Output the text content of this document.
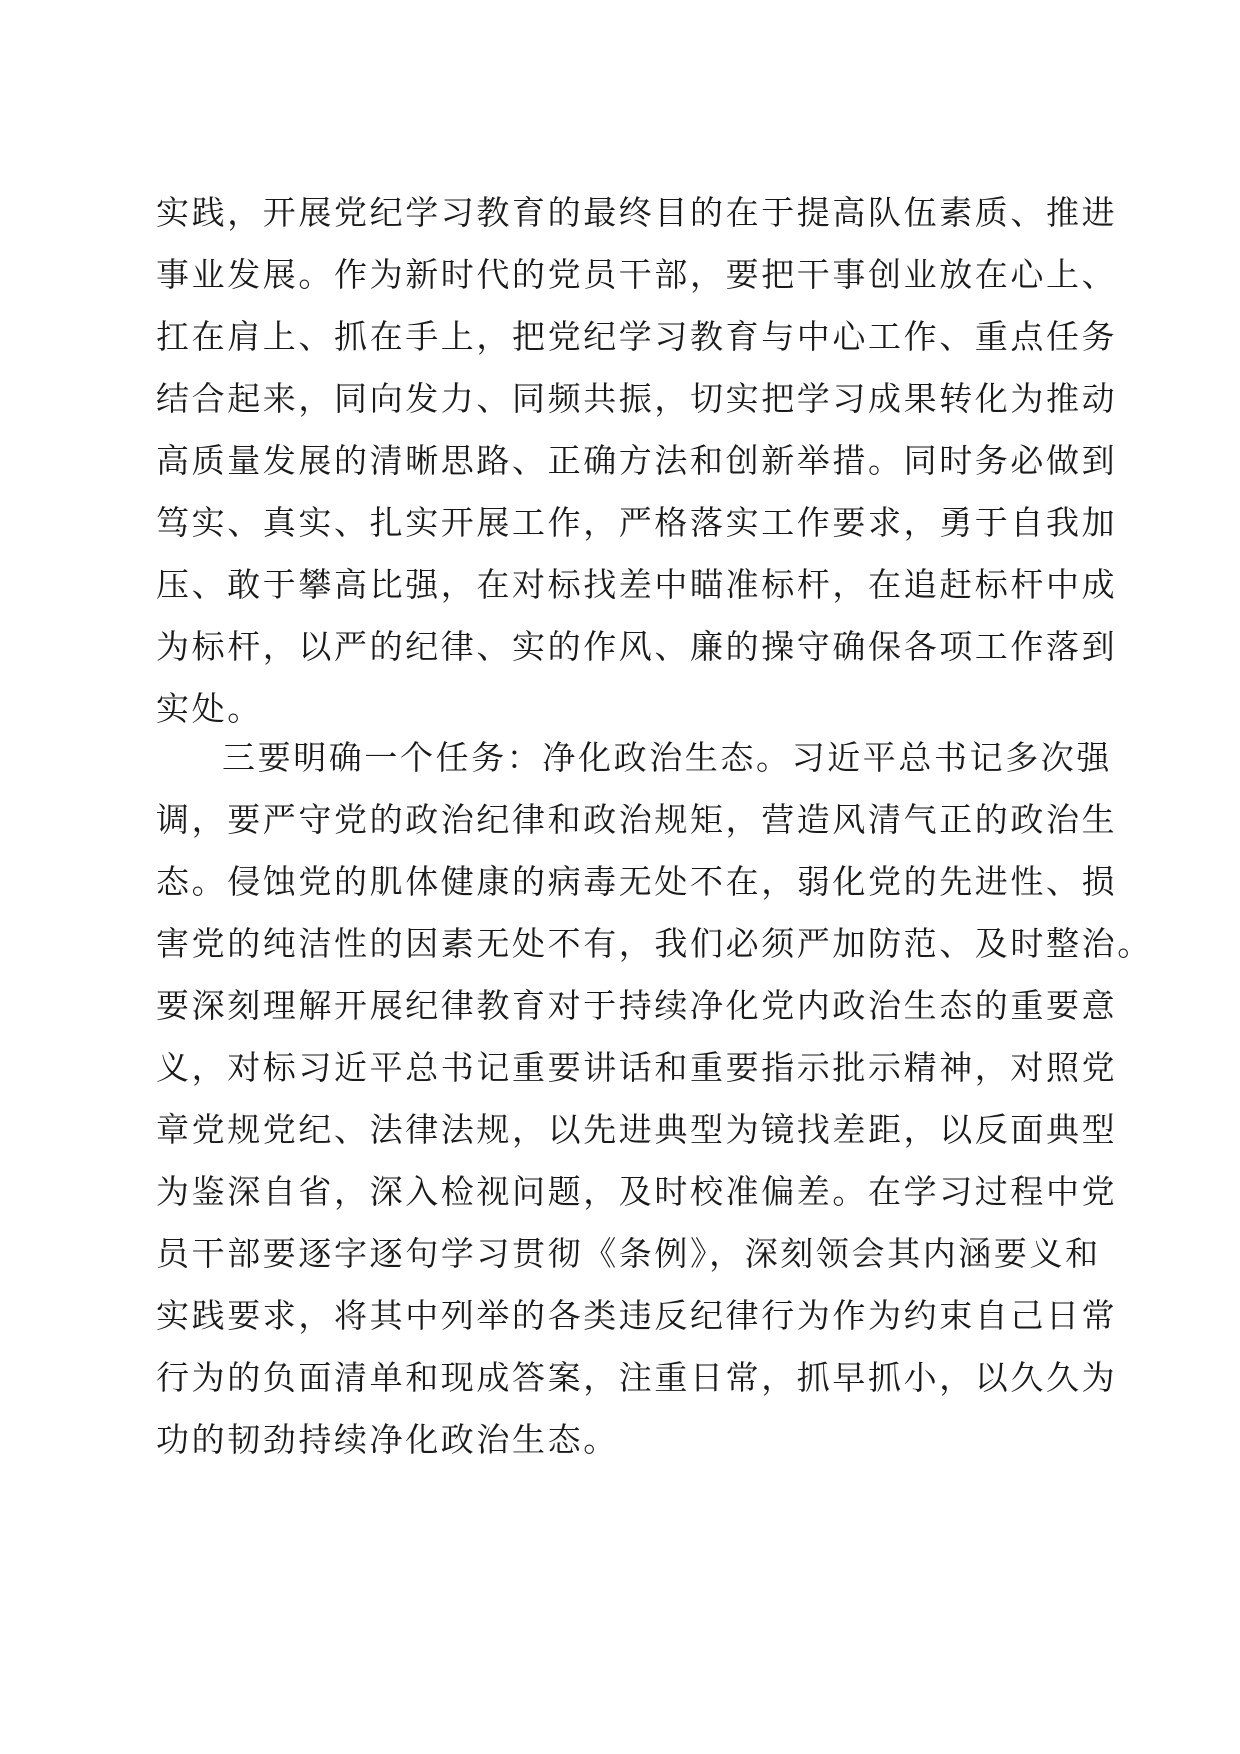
实践，开展党纪学习教育的最终目的在于提高队伍素质、推进
事业发展。作为新时代的党员干部，要把干事创业放在心上、
扛在肩上、抓在手上，把党纪学习教育与中心工作、重点任务
结合起来，同向发力、同频共振，切实把学习成果转化为推动
高质量发展的清晰思路、正确方法和创新举措。同时务必做到
笃实、真实、扎实开展工作，严格落实工作要求，勇于自我加
压、敢于攀高比强，在对标找差中瞄准标杆，在追赶标杆中成
为标杆，以严的纪律、实的作风、廉的操守确保各项工作落到
实处。
三要明确一个任务：净化政治生态。习近平总书记多次强
调，要严守党的政治纪律和政治规矩，营造风清气正的政治生
态。侵蚀党的肌体健康的病毒无处不在，弱化党的先进性、损
害党的纯洁性的因素无处不有，我们必须严加防范、及时整治。
要深刻理解开展纪律教育对于持续净化党内政治生态的重要意
义，对标习近平总书记重要讲话和重要指示批示精神，对照党
章党规党纪、法律法规，以先进典型为镜找差距，以反面典型
为鉴深自省，深入检视问题，及时校准偏差。在学习过程中党
员干部要逐字逐句学习贯彻《条例》，深刻领会其内涵要义和
实践要求，将其中列举的各类违反纪律行为作为约束自己日常
行为的负面清单和现成答案，注重日常，抓早抓小，以久久为
功的韧劲持续净化政治生态。
